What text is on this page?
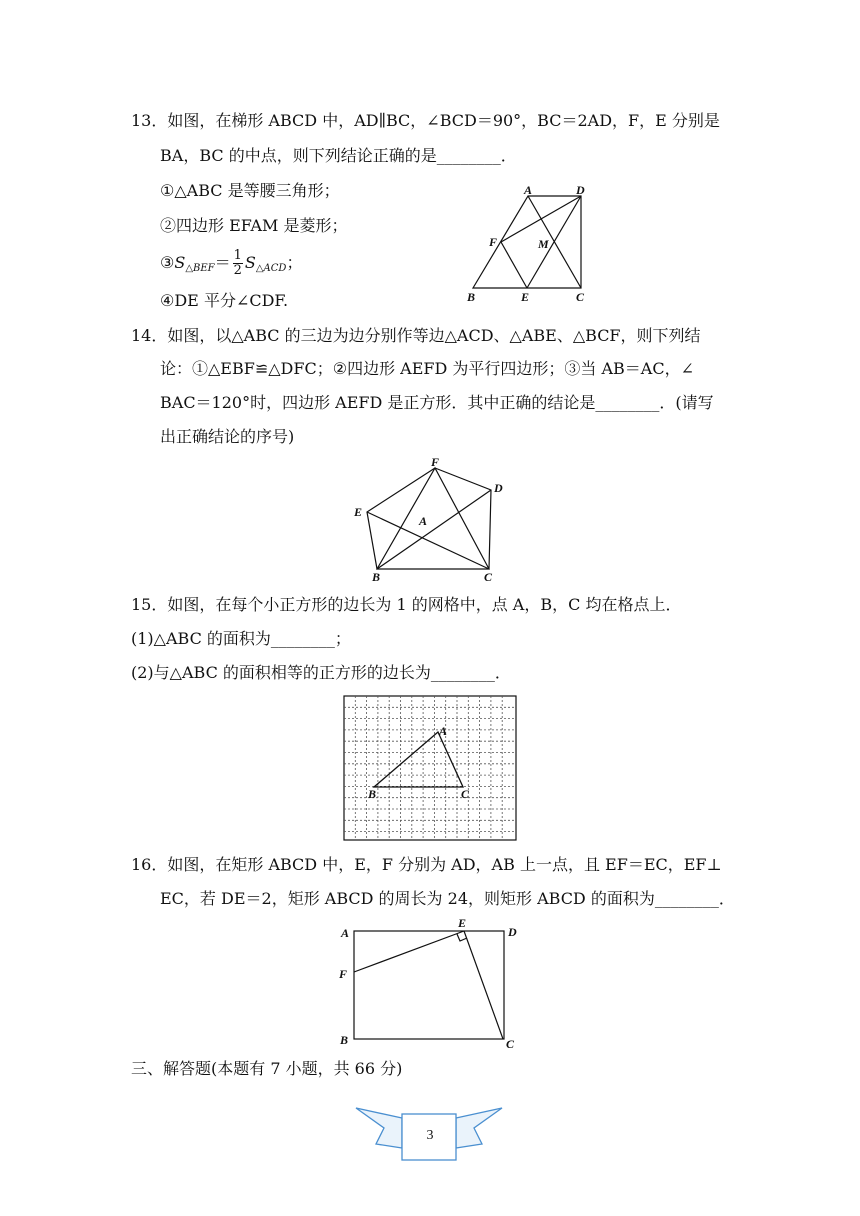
13．如图，在梯形 ABCD 中，AD∥BC，∠BCD＝90°，BC＝2AD，F，E 分别是
BA，BC 的中点，则下列结论正确的是________．
①△ABC 是等腰三角形；
②四边形 EFAM 是菱形；
$③S_{\triangle BEF}= \frac{1}{2} S_{\triangle ACD}$；
④DE 平分∠CDF.
A	D
F	M
B	E	C
14．如图，以△ABC 的三边为边分别作等边△ACD、△ABE、△BCF，则下列结
论：①△EBF≌△DFC；②四边形 AEFD 为平行四边形；③当 AB＝AC，∠
BAC＝120°时，四边形 AEFD 是正方形．其中正确的结论是________．(请写
出正确结论的序号)
F
D
E
A
B	C
15．如图，在每个小正方形的边长为 1 的网格中，点 A，B，C 均在格点上．
(1)△ABC 的面积为________；
(2)与△ABC 的面积相等的正方形的边长为________．
A
B	C
16．如图，在矩形 ABCD 中，E，F 分别为 AD，AB 上一点，且 EF＝EC，EF⊥
EC，若 DE＝2，矩形 ABCD 的周长为 24，则矩形 ABCD 的面积为________．
A
E
D
F
B	C
三、解答题(本题有 7 小题，共 66 分)
3
